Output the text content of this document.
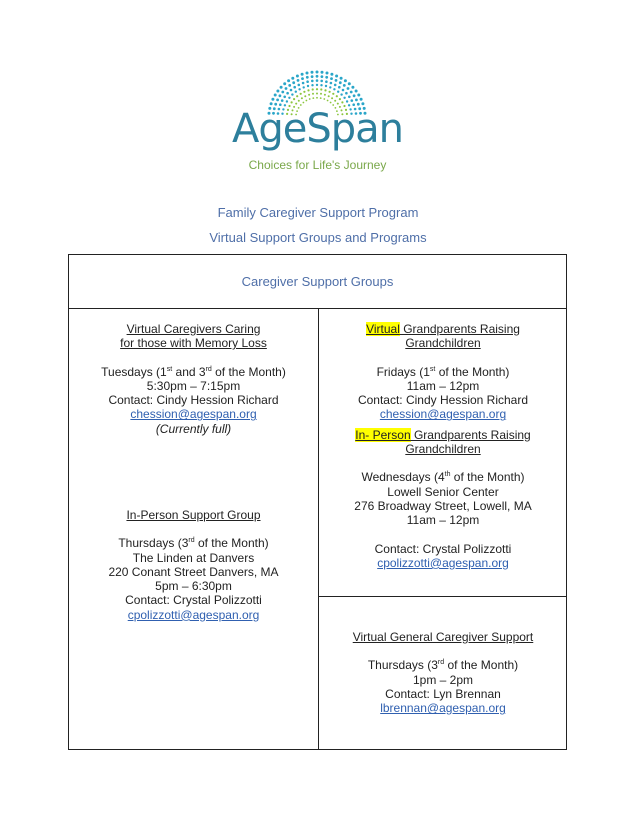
AgeSpan
Choices for Life's Journey
Family Caregiver Support Program
Virtual Support Groups and Programs
Caregiver Support Groups
Virtual Caregivers Caring
for those with Memory Loss
Tuesdays (1st and 3rd of the Month)
5:30pm – 7:15pm
Contact: Cindy Hession Richard
chession@agespan.org
(Currently full)
In-Person Support Group
Thursdays (3rd of the Month)
The Linden at Danvers
220 Conant Street Danvers, MA
5pm – 6:30pm
Contact: Crystal Polizzotti
cpolizzotti@agespan.org
Virtual Grandparents Raising
Grandchildren
Fridays (1st of the Month)
11am – 12pm
Contact: Cindy Hession Richard
chession@agespan.org
In- Person Grandparents Raising
Grandchildren
Wednesdays (4th of the Month)
Lowell Senior Center
276 Broadway Street, Lowell, MA
11am – 12pm
Contact: Crystal Polizzotti
cpolizzotti@agespan.org
Virtual General Caregiver Support
Thursdays (3rd of the Month)
1pm – 2pm
Contact: Lyn Brennan
lbrennan@agespan.org
